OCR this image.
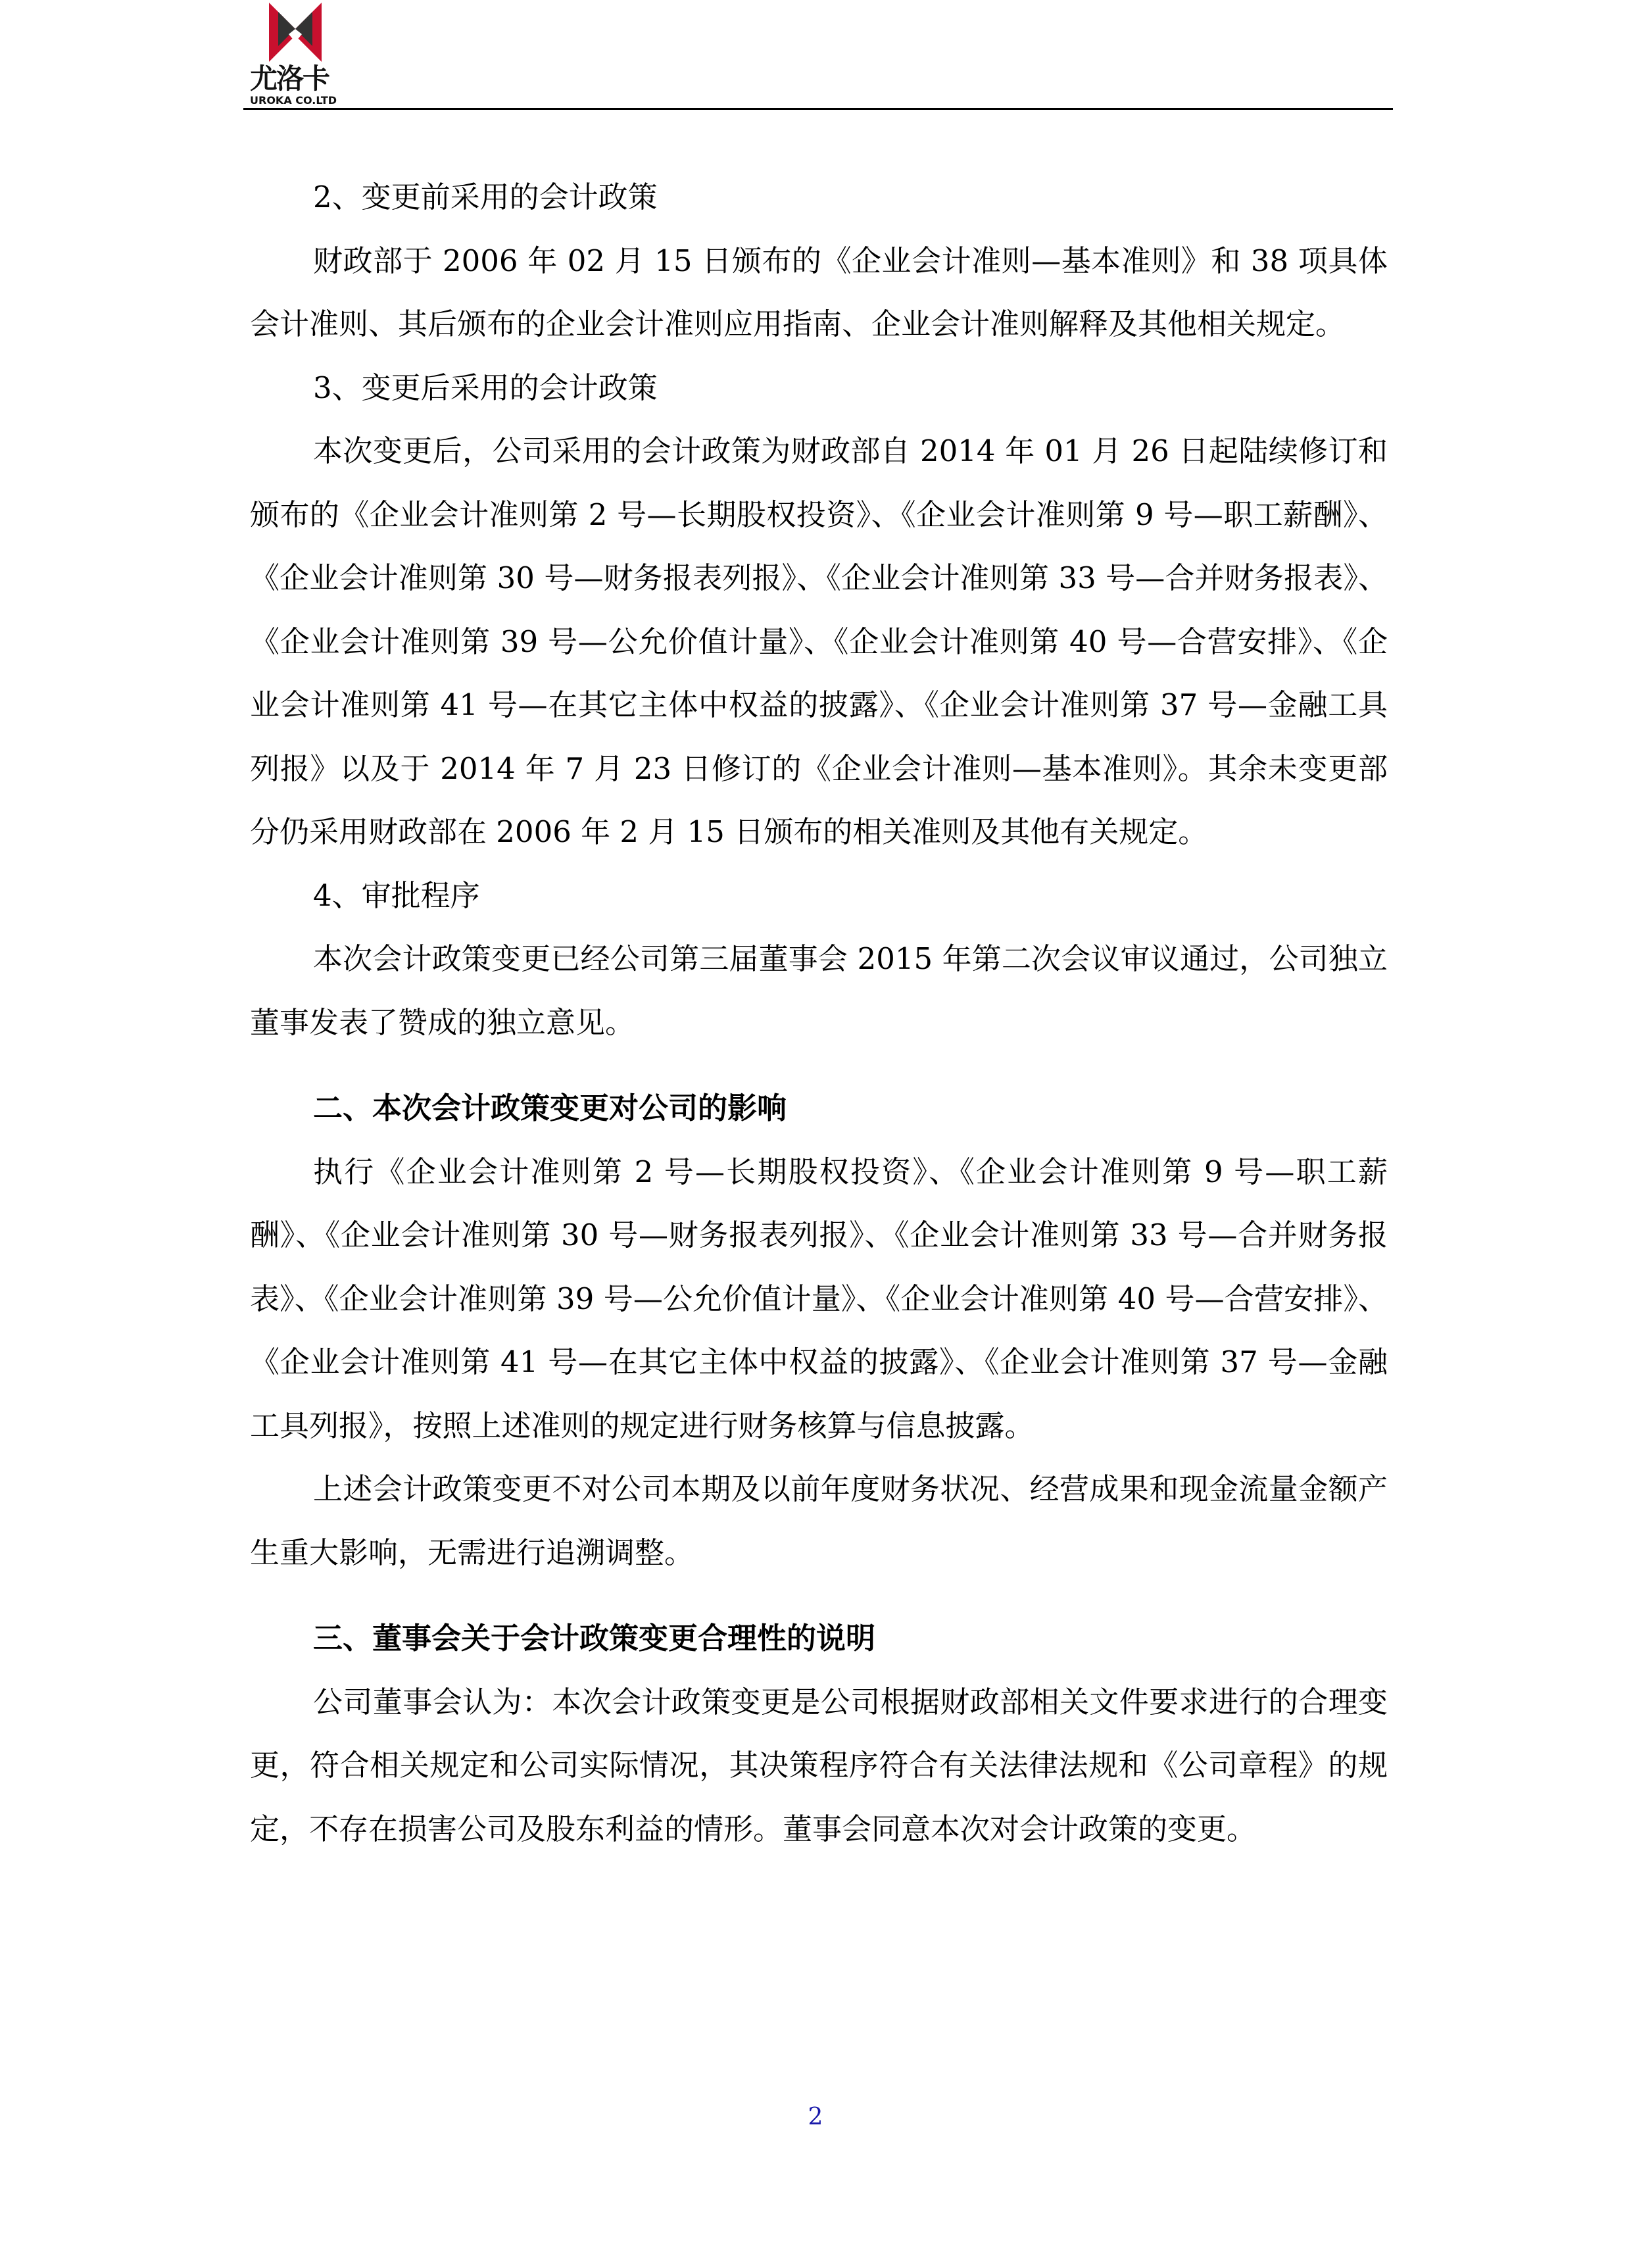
尤洛卡
UROKA CO.LTD

2、变更前采用的会计政策

财政部于 2006 年 02 月 15 日颁布的《企业会计准则—基本准则》和 38 项具体会计准则、其后颁布的企业会计准则应用指南、企业会计准则解释及其他相关规定。

3、变更后采用的会计政策

本次变更后，公司采用的会计政策为财政部自 2014 年 01 月 26 日起陆续修订和颁布的《企业会计准则第 2 号—长期股权投资》、《企业会计准则第 9 号—职工薪酬》、《企业会计准则第 30 号—财务报表列报》、《企业会计准则第 33 号—合并财务报表》、《企业会计准则第 39 号—公允价值计量》、《企业会计准则第 40 号—合营安排》、《企业会计准则第 41 号—在其它主体中权益的披露》、《企业会计准则第 37 号—金融工具列报》以及于 2014 年 7 月 23 日修订的《企业会计准则—基本准则》。其余未变更部分仍采用财政部在 2006 年 2 月 15 日颁布的相关准则及其他有关规定。

4、审批程序

本次会计政策变更已经公司第三届董事会 2015 年第二次会议审议通过，公司独立董事发表了赞成的独立意见。

二、本次会计政策变更对公司的影响

执行《企业会计准则第 2 号—长期股权投资》、《企业会计准则第 9 号—职工薪酬》、《企业会计准则第 30 号—财务报表列报》、《企业会计准则第 33 号—合并财务报表》、《企业会计准则第 39 号—公允价值计量》、《企业会计准则第 40 号—合营安排》、《企业会计准则第 41 号—在其它主体中权益的披露》、《企业会计准则第 37 号—金融工具列报》，按照上述准则的规定进行财务核算与信息披露。

上述会计政策变更不对公司本期及以前年度财务状况、经营成果和现金流量金额产生重大影响，无需进行追溯调整。

三、董事会关于会计政策变更合理性的说明

公司董事会认为：本次会计政策变更是公司根据财政部相关文件要求进行的合理变更，符合相关规定和公司实际情况，其决策程序符合有关法律法规和《公司章程》的规定，不存在损害公司及股东利益的情形。董事会同意本次对会计政策的变更。

2
